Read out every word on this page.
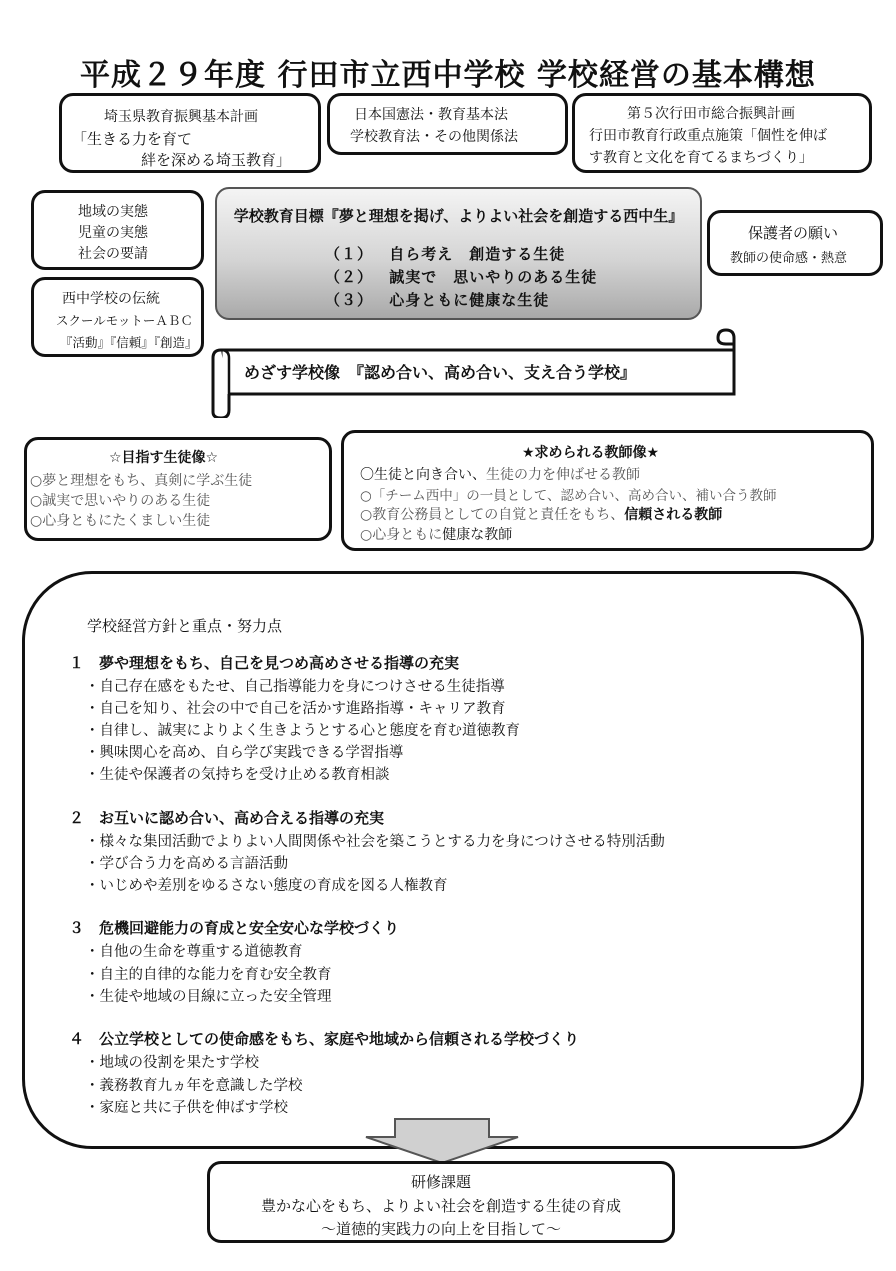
平成２９年度 行田市立西中学校 学校経営の基本構想
埼玉県教育振興基本計画
「生きる力を育て
絆を深める埼玉教育」
日本国憲法・教育基本法
学校教育法・その他関係法
第５次行田市総合振興計画
行田市教育行政重点施策「個性を伸ば
す教育と文化を育てるまちづくり」
地域の実態
児童の実態
社会の要請
西中学校の伝統
スクールモットーＡＢＣ
『活動』『信頼』『創造』
学校教育目標『夢と理想を掲げ、よりよい社会を創造する西中生』
（１） 自ら考え　創造する生徒
（２） 誠実で　思いやりのある生徒
（３） 心身ともに健康な生徒
保護者の願い
教師の使命感・熱意
めざす学校像　『認め合い、高め合い、支え合う学校』
☆目指す生徒像☆
○夢と理想をもち、真剣に学ぶ生徒
○誠実で思いやりのある生徒
○心身ともにたくましい生徒
★求められる教師像★
〇生徒と向き合い、生徒の力を伸ばせる教師
○「チーム西中」の一員として、認め合い、高め合い、補い合う教師
○教育公務員としての自覚と責任をもち、信頼される教師
○心身ともに健康な教師
学校経営方針と重点・努力点
１　夢や理想をもち、自己を見つめ高めさせる指導の充実
・自己存在感をもたせ、自己指導能力を身につけさせる生徒指導
・自己を知り、社会の中で自己を活かす進路指導・キャリア教育
・自律し、誠実によりよく生きようとする心と態度を育む道徳教育
・興味関心を高め、自ら学び実践できる学習指導
・生徒や保護者の気持ちを受け止める教育相談
２　お互いに認め合い、高め合える指導の充実
・様々な集団活動でよりよい人間関係や社会を築こうとする力を身につけさせる特別活動
・学び合う力を高める言語活動
・いじめや差別をゆるさない態度の育成を図る人権教育
３　危機回避能力の育成と安全安心な学校づくり
・自他の生命を尊重する道徳教育
・自主的自律的な能力を育む安全教育
・生徒や地域の目線に立った安全管理
４　公立学校としての使命感をもち、家庭や地域から信頼される学校づくり
・地域の役割を果たす学校
・義務教育九ヵ年を意識した学校
・家庭と共に子供を伸ばす学校
研修課題
豊かな心をもち、よりよい社会を創造する生徒の育成
～道徳的実践力の向上を目指して～
